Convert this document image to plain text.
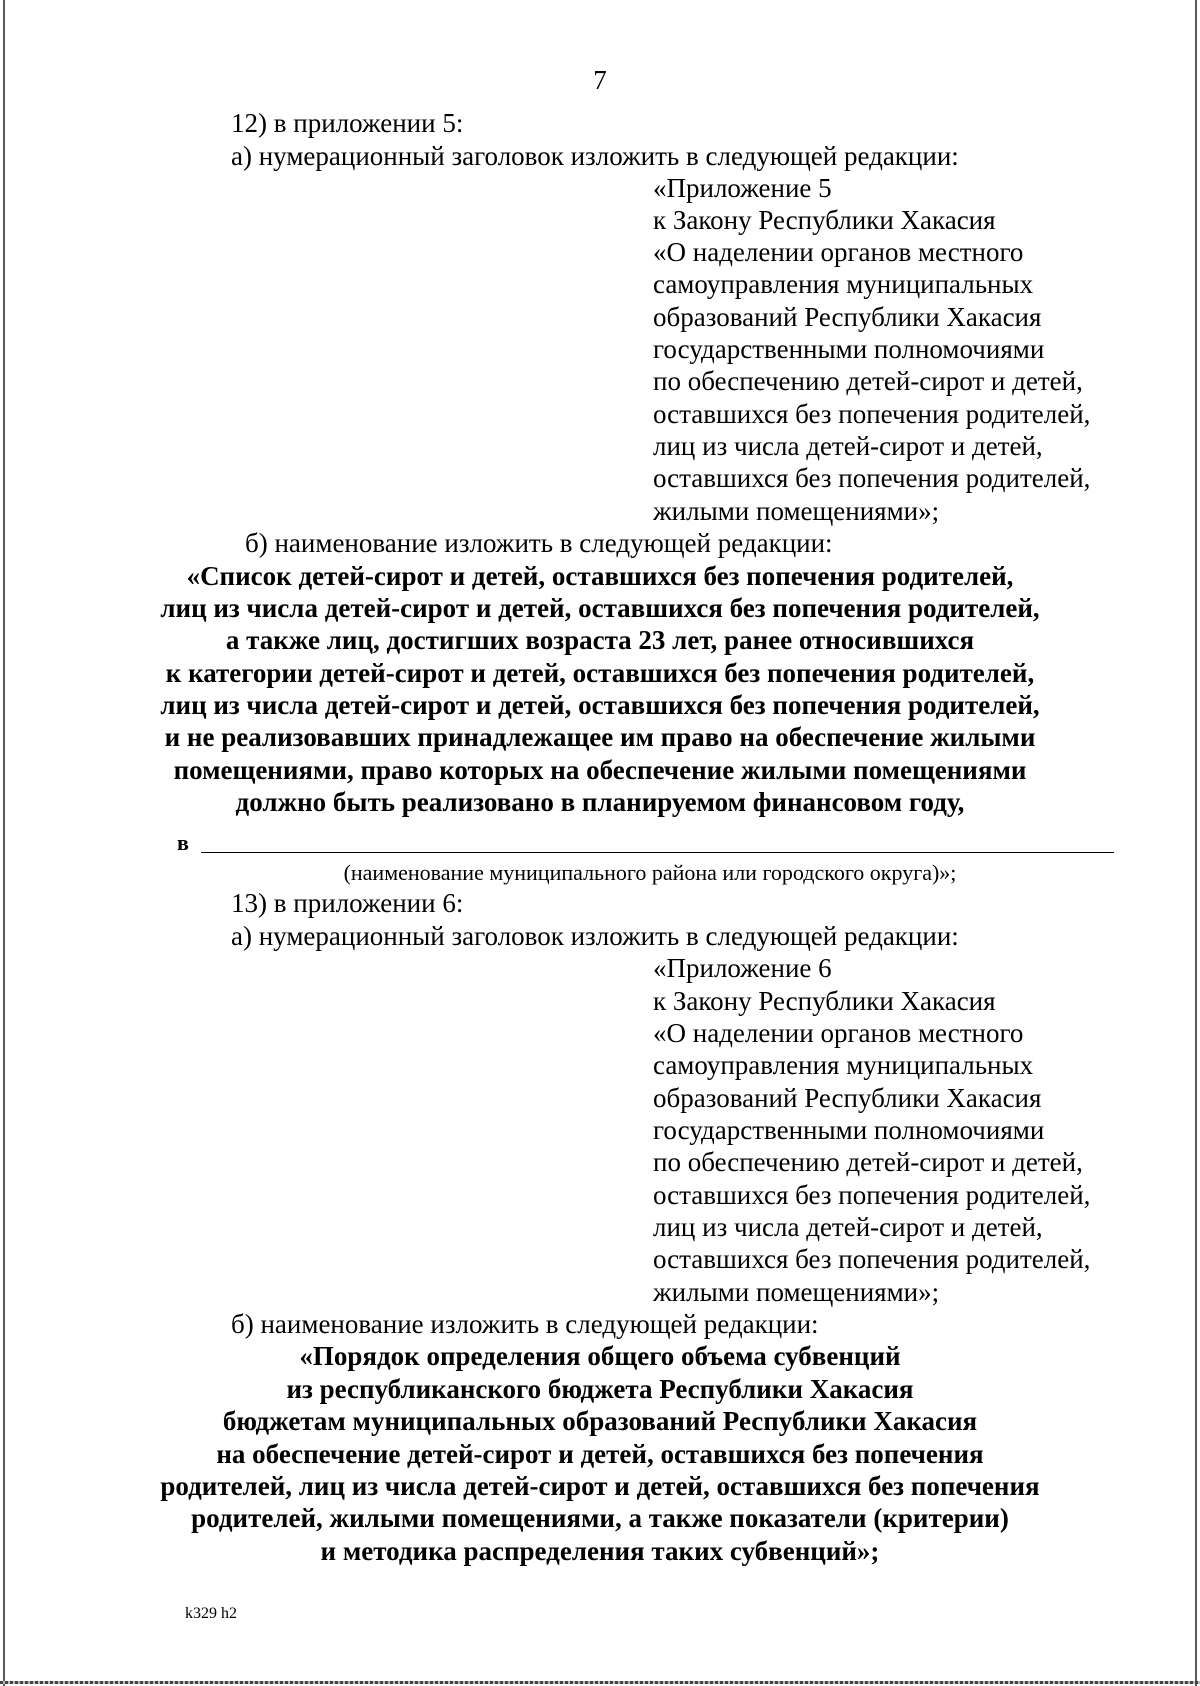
7
12) в приложении 5:
а) нумерационный заголовок изложить в следующей редакции:
«Приложение 5
к Закону Республики Хакасия
«О наделении органов местного
самоуправления муниципальных
образований Республики Хакасия
государственными полномочиями
по обеспечению детей-сирот и детей,
оставшихся без попечения родителей,
лиц из числа детей-сирот и детей,
оставшихся без попечения родителей,
жилыми помещениями»;
б) наименование изложить в следующей редакции:
«Список детей-сирот и детей, оставшихся без попечения родителей,
лиц из числа детей-сирот и детей, оставшихся без попечения родителей,
а также лиц, достигших возраста 23 лет, ранее относившихся
к категории детей-сирот и детей, оставшихся без попечения родителей,
лиц из числа детей-сирот и детей, оставшихся без попечения родителей,
и не реализовавших принадлежащее им право на обеспечение жилыми
помещениями, право которых на обеспечение жилыми помещениями
должно быть реализовано в планируемом финансовом году,
в
(наименование муниципального района или городского округа)»;
13) в приложении 6:
а) нумерационный заголовок изложить в следующей редакции:
«Приложение 6
к Закону Республики Хакасия
«О наделении органов местного
самоуправления муниципальных
образований Республики Хакасия
государственными полномочиями
по обеспечению детей-сирот и детей,
оставшихся без попечения родителей,
лиц из числа детей-сирот и детей,
оставшихся без попечения родителей,
жилыми помещениями»;
б) наименование изложить в следующей редакции:
«Порядок определения общего объема субвенций
из республиканского бюджета Республики Хакасия
бюджетам муниципальных образований Республики Хакасия
на обеспечение детей-сирот и детей, оставшихся без попечения
родителей, лиц из числа детей-сирот и детей, оставшихся без попечения
родителей, жилыми помещениями, а также показатели (критерии)
и методика распределения таких субвенций»;
k329 h2
